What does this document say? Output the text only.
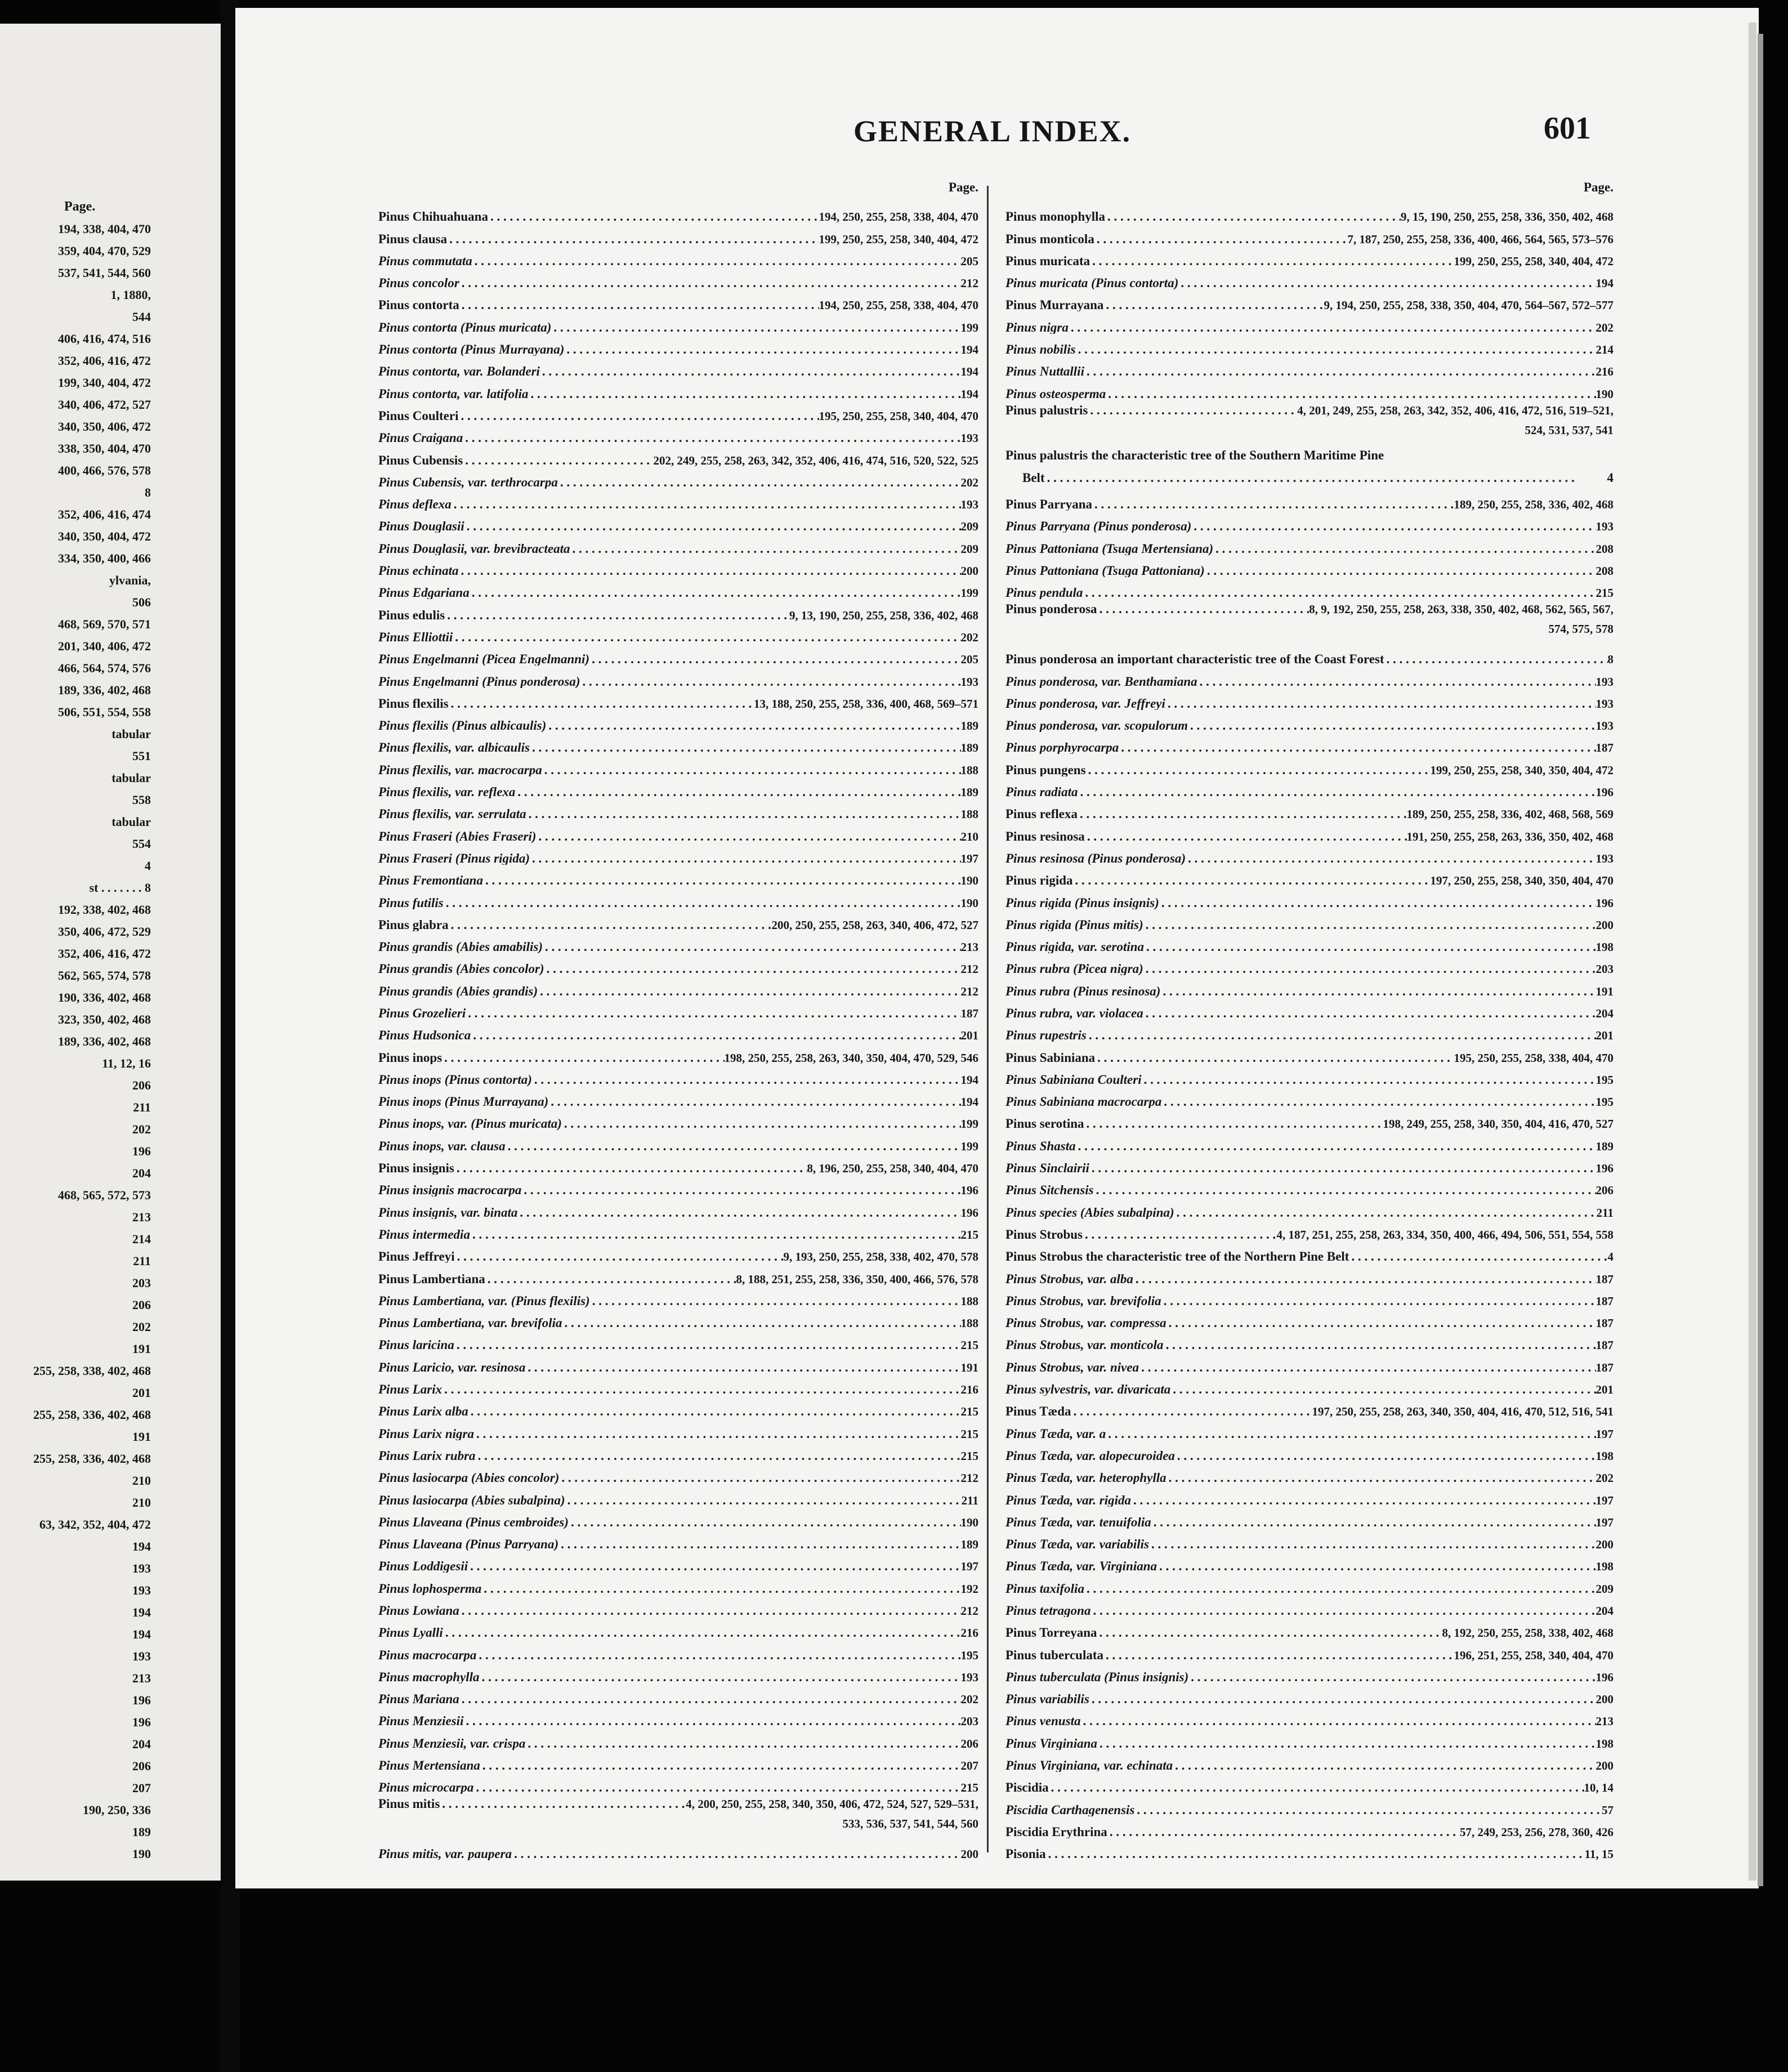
Page.
194, 338, 404, 470
359, 404, 470, 529
537, 541, 544, 560
1, 1880,
544
406, 416, 474, 516
352, 406, 416, 472
199, 340, 404, 472
340, 406, 472, 527
340, 350, 406, 472
338, 350, 404, 470
400, 466, 576, 578
8
352, 406, 416, 474
340, 350, 404, 472
334, 350, 400, 466
ylvania,
506
468, 569, 570, 571
201, 340, 406, 472
466, 564, 574, 576
189, 336, 402, 468
506, 551, 554, 558
tabular
551
tabular
558
tabular
554
4
st . . . . . . . 8
192, 338, 402, 468
350, 406, 472, 529
352, 406, 416, 472
562, 565, 574, 578
190, 336, 402, 468
323, 350, 402, 468
189, 336, 402, 468
11, 12, 16
206
211
202
196
204
468, 565, 572, 573
213
214
211
203
206
202
191
255, 258, 338, 402, 468
201
255, 258, 336, 402, 468
191
255, 258, 336, 402, 468
210
210
63, 342, 352, 404, 472
194
193
193
194
194
193
213
196
196
204
206
207
190, 250, 336
189
190
GENERAL INDEX.	601
Page.
Pinus Chihuahuana . . .	194, 250, 255, 258, 338, 404, 470
Pinus clausa . . .	199, 250, 255, 258, 340, 404, 472
Pinus commutata . . .	205
Pinus concolor . . .	212
Pinus contorta . . .	194, 250, 255, 258, 338, 404, 470
Pinus contorta (Pinus muricata) . . .	199
Pinus contorta (Pinus Murrayana) . . .	194
Pinus contorta, var. Bolanderi . . .	194
Pinus contorta, var. latifolia . . .	194
Pinus Coulteri . . .	195, 250, 255, 258, 340, 404, 470
Pinus Craigana . . .	193
Pinus Cubensis . . .	202, 249, 255, 258, 263, 342, 352, 406, 416, 474, 516, 520, 522, 525
Pinus Cubensis, var. terthrocarpa . . .	202
Pinus deflexa . . .	193
Pinus Douglasii . . .	209
Pinus Douglasii, var. brevibracteata . . .	209
Pinus echinata . . .	200
Pinus Edgariana . . .	199
Pinus edulis . . .	9, 13, 190, 250, 255, 258, 336, 402, 468
Pinus Elliottii . . .	202
Pinus Engelmanni (Picea Engelmanni) . . .	205
Pinus Engelmanni (Pinus ponderosa) . . .	193
Pinus flexilis . . .	13, 188, 250, 255, 258, 336, 400, 468, 569–571
Pinus flexilis (Pinus albicaulis) . . .	189
Pinus flexilis, var. albicaulis . . .	189
Pinus flexilis, var. macrocarpa . . .	188
Pinus flexilis, var. reflexa . . .	189
Pinus flexilis, var. serrulata . . .	188
Pinus Fraseri (Abies Fraseri) . . .	210
Pinus Fraseri (Pinus rigida) . . .	197
Pinus Fremontiana . . .	190
Pinus futilis . . .	190
Pinus glabra . . .	200, 250, 255, 258, 263, 340, 406, 472, 527
Pinus grandis (Abies amabilis) . . .	213
Pinus grandis (Abies concolor) . . .	212
Pinus grandis (Abies grandis) . . .	212
Pinus Grozelieri . . .	187
Pinus Hudsonica . . .	201
Pinus inops . . .	198, 250, 255, 258, 263, 340, 350, 404, 470, 529, 546
Pinus inops (Pinus contorta) . . .	194
Pinus inops (Pinus Murrayana) . . .	194
Pinus inops, var. (Pinus muricata) . . .	199
Pinus inops, var. clausa . . .	199
Pinus insignis . . .	8, 196, 250, 255, 258, 340, 404, 470
Pinus insignis macrocarpa . . .	196
Pinus insignis, var. binata . . .	196
Pinus intermedia . . .	215
Pinus Jeffreyi . . .	9, 193, 250, 255, 258, 338, 402, 470, 578
Pinus Lambertiana . . .	8, 188, 251, 255, 258, 336, 350, 400, 466, 576, 578
Pinus Lambertiana, var. (Pinus flexilis) . . .	188
Pinus Lambertiana, var. brevifolia . . .	188
Pinus laricina . . .	215
Pinus Laricio, var. resinosa . . .	191
Pinus Larix . . .	216
Pinus Larix alba . . .	215
Pinus Larix nigra . . .	215
Pinus Larix rubra . . .	215
Pinus lasiocarpa (Abies concolor) . . .	212
Pinus lasiocarpa (Abies subalpina) . . .	211
Pinus Llaveana (Pinus cembroides) . . .	190
Pinus Llaveana (Pinus Parryana) . . .	189
Pinus Loddigesii . . .	197
Pinus lophosperma . . .	192
Pinus Lowiana . . .	212
Pinus Lyalli . . .	216
Pinus macrocarpa . . .	195
Pinus macrophylla . . .	193
Pinus Mariana . . .	202
Pinus Menziesii . . .	203
Pinus Menziesii, var. crispa . . .	206
Pinus Mertensiana . . .	207
Pinus microcarpa . . .	215
Pinus mitis . . .	4, 200, 250, 255, 258, 340, 350, 406, 472, 524, 527, 529–531,
533, 536, 537, 541, 544, 560
Pinus mitis, var. paupera . . .	200
Page.
Pinus monophylla . . .	9, 15, 190, 250, 255, 258, 336, 350, 402, 468
Pinus monticola . . .	7, 187, 250, 255, 258, 336, 400, 466, 564, 565, 573–576
Pinus muricata . . .	199, 250, 255, 258, 340, 404, 472
Pinus muricata (Pinus contorta) . . .	194
Pinus Murrayana . . .	9, 194, 250, 255, 258, 338, 350, 404, 470, 564–567, 572–577
Pinus nigra . . .	202
Pinus nobilis . . .	214
Pinus Nuttallii . . .	216
Pinus osteosperma . . .	190
Pinus palustris . . .	4, 201, 249, 255, 258, 263, 342, 352, 406, 416, 472, 516, 519–521,
524, 531, 537, 541
Pinus palustris the characteristic tree of the Southern Maritime Pine
Belt . . .	4
Pinus Parryana . . .	189, 250, 255, 258, 336, 402, 468
Pinus Parryana (Pinus ponderosa) . . .	193
Pinus Pattoniana (Tsuga Mertensiana) . . .	208
Pinus Pattoniana (Tsuga Pattoniana) . . .	208
Pinus pendula . . .	215
Pinus ponderosa . . .	8, 9, 192, 250, 255, 258, 263, 338, 350, 402, 468, 562, 565, 567,
574, 575, 578
Pinus ponderosa an important characteristic tree of the Coast Forest . . .	8
Pinus ponderosa, var. Benthamiana . . .	193
Pinus ponderosa, var. Jeffreyi . . .	193
Pinus ponderosa, var. scopulorum . . .	193
Pinus porphyrocarpa . . .	187
Pinus pungens . . .	199, 250, 255, 258, 340, 350, 404, 472
Pinus radiata . . .	196
Pinus reflexa . . .	189, 250, 255, 258, 336, 402, 468, 568, 569
Pinus resinosa . . .	191, 250, 255, 258, 263, 336, 350, 402, 468
Pinus resinosa (Pinus ponderosa) . . .	193
Pinus rigida . . .	197, 250, 255, 258, 340, 350, 404, 470
Pinus rigida (Pinus insignis) . . .	196
Pinus rigida (Pinus mitis) . . .	200
Pinus rigida, var. serotina . . .	198
Pinus rubra (Picea nigra) . . .	203
Pinus rubra (Pinus resinosa) . . .	191
Pinus rubra, var. violacea . . .	204
Pinus rupestris . . .	201
Pinus Sabiniana . . .	195, 250, 255, 258, 338, 404, 470
Pinus Sabiniana Coulteri . . .	195
Pinus Sabiniana macrocarpa . . .	195
Pinus serotina . . .	198, 249, 255, 258, 340, 350, 404, 416, 470, 527
Pinus Shasta . . .	189
Pinus Sinclairii . . .	196
Pinus Sitchensis . . .	206
Pinus species (Abies subalpina) . . .	211
Pinus Strobus . . .	4, 187, 251, 255, 258, 263, 334, 350, 400, 466, 494, 506, 551, 554, 558
Pinus Strobus the characteristic tree of the Northern Pine Belt . . .	4
Pinus Strobus, var. alba . . .	187
Pinus Strobus, var. brevifolia . . .	187
Pinus Strobus, var. compressa . . .	187
Pinus Strobus, var. monticola . . .	187
Pinus Strobus, var. nivea . . .	187
Pinus sylvestris, var. divaricata . . .	201
Pinus Tæda . . .	197, 250, 255, 258, 263, 340, 350, 404, 416, 470, 512, 516, 541
Pinus Tæda, var. a . . .	197
Pinus Tæda, var. alopecuroidea . . .	198
Pinus Tæda, var. heterophylla . . .	202
Pinus Tæda, var. rigida . . .	197
Pinus Tæda, var. tenuifolia . . .	197
Pinus Tæda, var. variabilis . . .	200
Pinus Tæda, var. Virginiana . . .	198
Pinus taxifolia . . .	209
Pinus tetragona . . .	204
Pinus Torreyana . . .	8, 192, 250, 255, 258, 338, 402, 468
Pinus tuberculata . . .	196, 251, 255, 258, 340, 404, 470
Pinus tuberculata (Pinus insignis) . . .	196
Pinus variabilis . . .	200
Pinus venusta . . .	213
Pinus Virginiana . . .	198
Pinus Virginiana, var. echinata . . .	200
Piscidia . . .	10, 14
Piscidia Carthagenensis . . .	57
Piscidia Erythrina . . .	57, 249, 253, 256, 278, 360, 426
Pisonia . . .	11, 15
